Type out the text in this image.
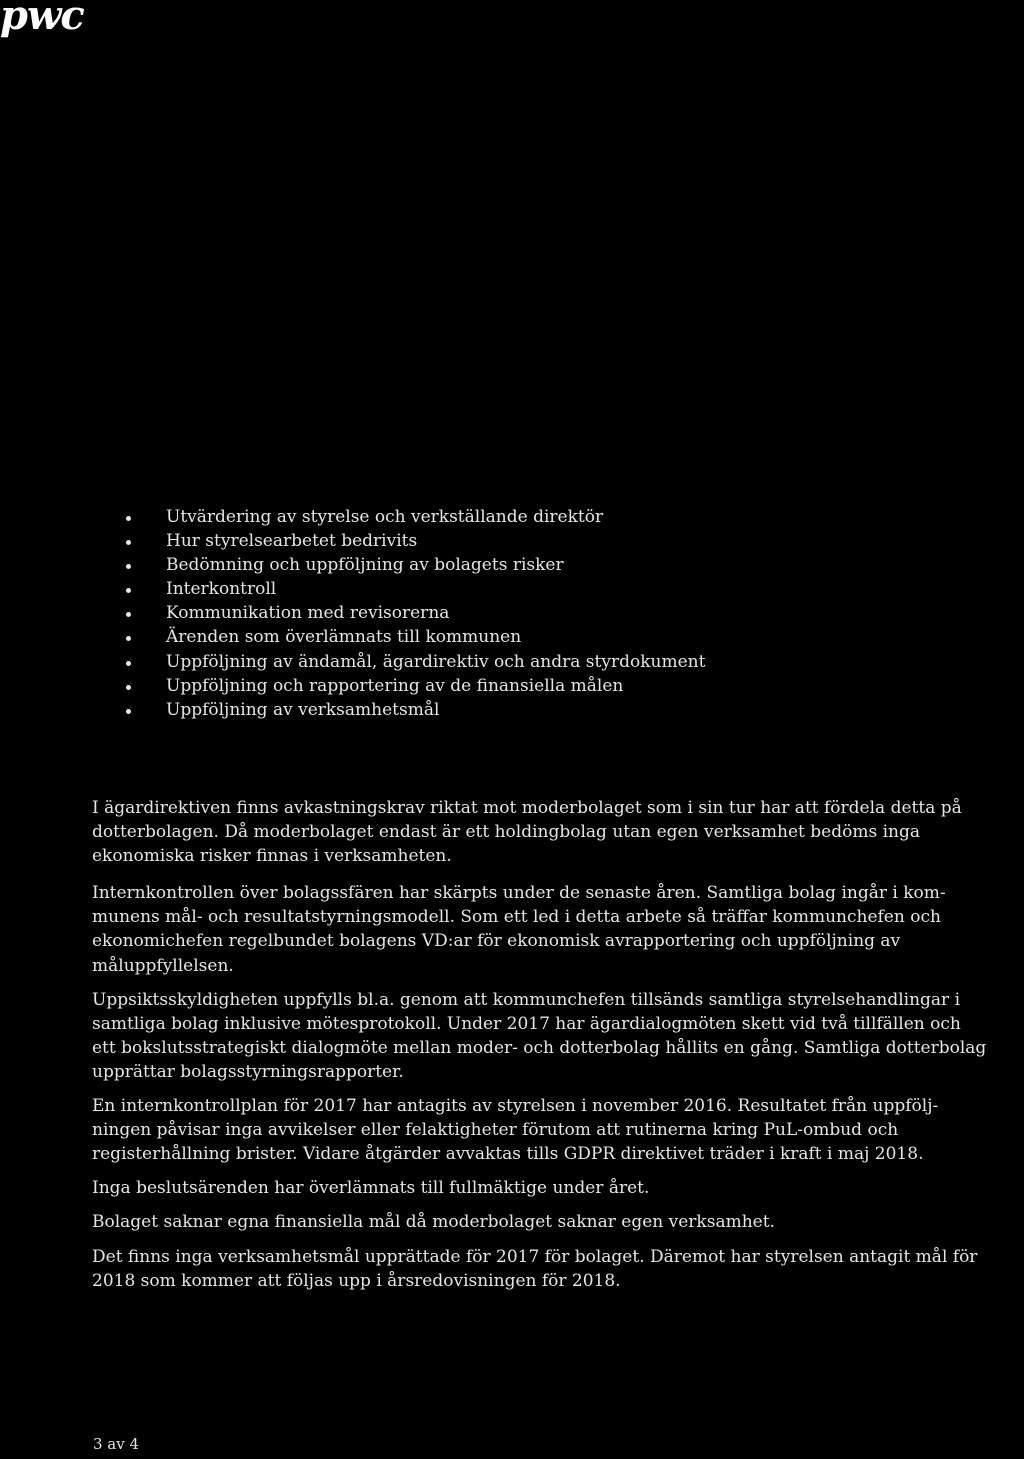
pwc
Utvärdering av styrelse och verkställande direktör
Hur styrelsearbetet bedrivits
Bedömning och uppföljning av bolagets risker
Interkontroll
Kommunikation med revisorerna
Ärenden som överlämnats till kommunen
Uppföljning av ändamål, ägardirektiv och andra styrdokument
Uppföljning och rapportering av de finansiella målen
Uppföljning av verksamhetsmål

I ägardirektiven finns avkastningskrav riktat mot moderbolaget som i sin tur har att fördela detta på
dotterbolagen. Då moderbolaget endast är ett holdingbolag utan egen verksamhet bedöms inga
ekonomiska risker finnas i verksamheten.

Internkontrollen över bolagssfären har skärpts under de senaste åren. Samtliga bolag ingår i kom-
munens mål- och resultatstyrningsmodell. Som ett led i detta arbete så träffar kommunchefen och
ekonomichefen regelbundet bolagens VD:ar för ekonomisk avrapportering och uppföljning av
måluppfyllelsen.

Uppsiktsskyldigheten uppfylls bl.a. genom att kommunchefen tillsänds samtliga styrelsehandlingar i
samtliga bolag inklusive mötesprotokoll. Under 2017 har ägardialogmöten skett vid två tillfällen och
ett bokslutsstrategiskt dialogmöte mellan moder- och dotterbolag hållits en gång. Samtliga dotterbolag
upprättar bolagsstyrningsrapporter.

En internkontrollplan för 2017 har antagits av styrelsen i november 2016. Resultatet från uppfölj-
ningen påvisar inga avvikelser eller felaktigheter förutom att rutinerna kring PuL-ombud och
registerhållning brister. Vidare åtgärder avvaktas tills GDPR direktivet träder i kraft i maj 2018.

Inga beslutsärenden har överlämnats till fullmäktige under året.

Bolaget saknar egna finansiella mål då moderbolaget saknar egen verksamhet.

Det finns inga verksamhetsmål upprättade för 2017 för bolaget. Däremot har styrelsen antagit mål för
2018 som kommer att följas upp i årsredovisningen för 2018.

3 av 4
